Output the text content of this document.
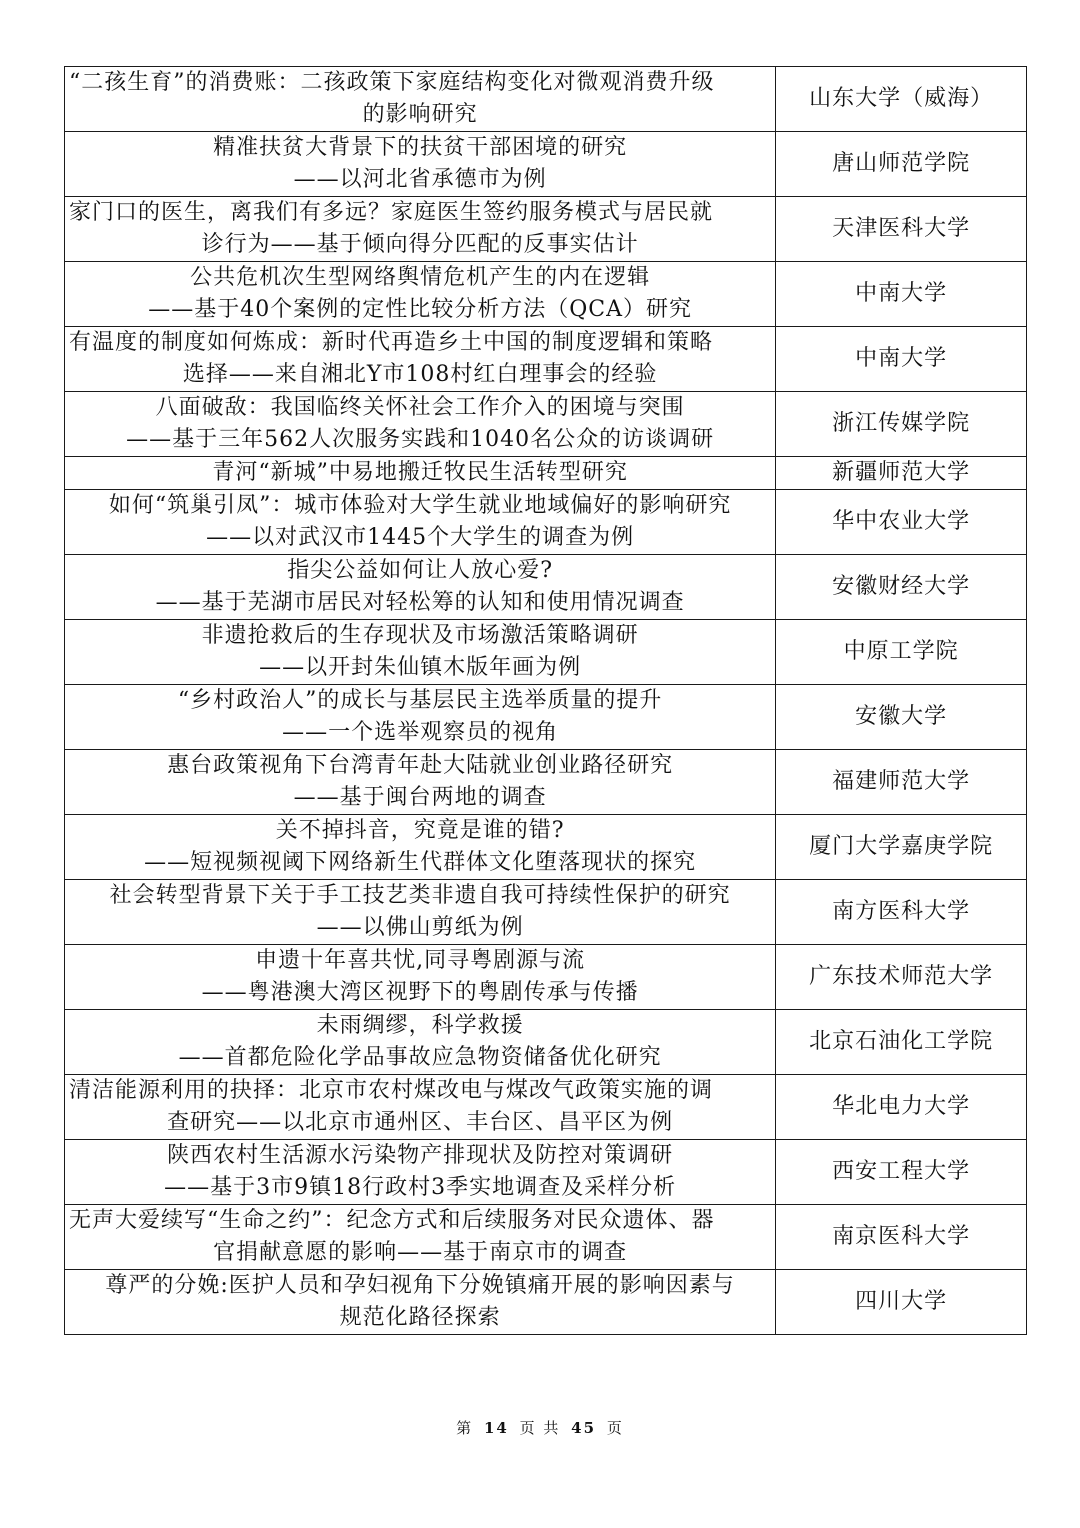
“二孩生育”的消费账：二孩政策下家庭结构变化对微观消费升级
的影响研究	山东大学（威海）

精准扶贫大背景下的扶贫干部困境的研究
——以河北省承德市为例	唐山师范学院

家门口的医生，离我们有多远？家庭医生签约服务模式与居民就
诊行为——基于倾向得分匹配的反事实估计	天津医科大学

公共危机次生型网络舆情危机产生的内在逻辑
——基于40个案例的定性比较分析方法（QCA）研究	中南大学

有温度的制度如何炼成：新时代再造乡土中国的制度逻辑和策略
选择——来自湘北Y市108村红白理事会的经验	中南大学

八面破敌：我国临终关怀社会工作介入的困境与突围
——基于三年562人次服务实践和1040名公众的访谈调研	浙江传媒学院

青河“新城”中易地搬迁牧民生活转型研究	新疆师范大学

如何“筑巢引凤”：城市体验对大学生就业地域偏好的影响研究
——以对武汉市1445个大学生的调查为例	华中农业大学

指尖公益如何让人放心爱?
——基于芜湖市居民对轻松筹的认知和使用情况调查	安徽财经大学

非遗抢救后的生存现状及市场激活策略调研
——以开封朱仙镇木版年画为例	中原工学院

“乡村政治人”的成长与基层民主选举质量的提升
——一个选举观察员的视角	安徽大学

惠台政策视角下台湾青年赴大陆就业创业路径研究
——基于闽台两地的调查	福建师范大学

关不掉抖音，究竟是谁的错?
——短视频视阈下网络新生代群体文化堕落现状的探究	厦门大学嘉庚学院

社会转型背景下关于手工技艺类非遗自我可持续性保护的研究
——以佛山剪纸为例	南方医科大学

申遗十年喜共忧,同寻粤剧源与流
——粤港澳大湾区视野下的粤剧传承与传播	广东技术师范大学

未雨绸缪，科学救援
——首都危险化学品事故应急物资储备优化研究	北京石油化工学院

清洁能源利用的抉择：北京市农村煤改电与煤改气政策实施的调
查研究——以北京市通州区、丰台区、昌平区为例	华北电力大学

陕西农村生活源水污染物产排现状及防控对策调研
——基于3市9镇18行政村3季实地调查及采样分析	西安工程大学

无声大爱续写“生命之约”：纪念方式和后续服务对民众遗体、器
官捐献意愿的影响——基于南京市的调查	南京医科大学

尊严的分娩:医护人员和孕妇视角下分娩镇痛开展的影响因素与
规范化路径探索	四川大学
第 14 页 共 45 页
